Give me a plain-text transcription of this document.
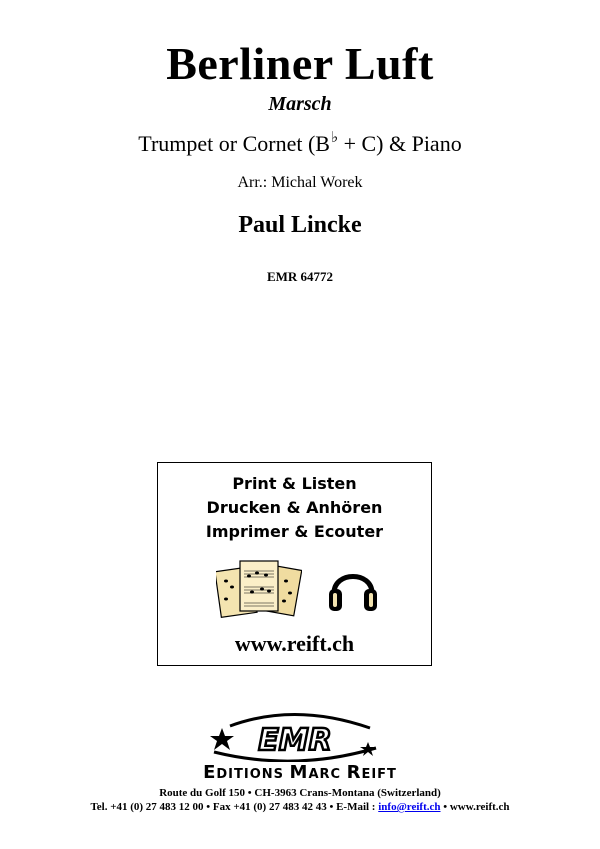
Berliner Luft
Marsch
Trumpet or Cornet (B♭ + C) & Piano
Arr.: Michal Worek
Paul Lincke
EMR 64772
Print & Listen
Drucken & Anhören
Imprimer & Ecouter
www.reift.ch
EMR
EDITIONS MARC REIFT
Route du Golf 150 • CH-3963 Crans-Montana (Switzerland)
Tel. +41 (0) 27 483 12 00 • Fax +41 (0) 27 483 42 43 • E-Mail : info@reift.ch • www.reift.ch
